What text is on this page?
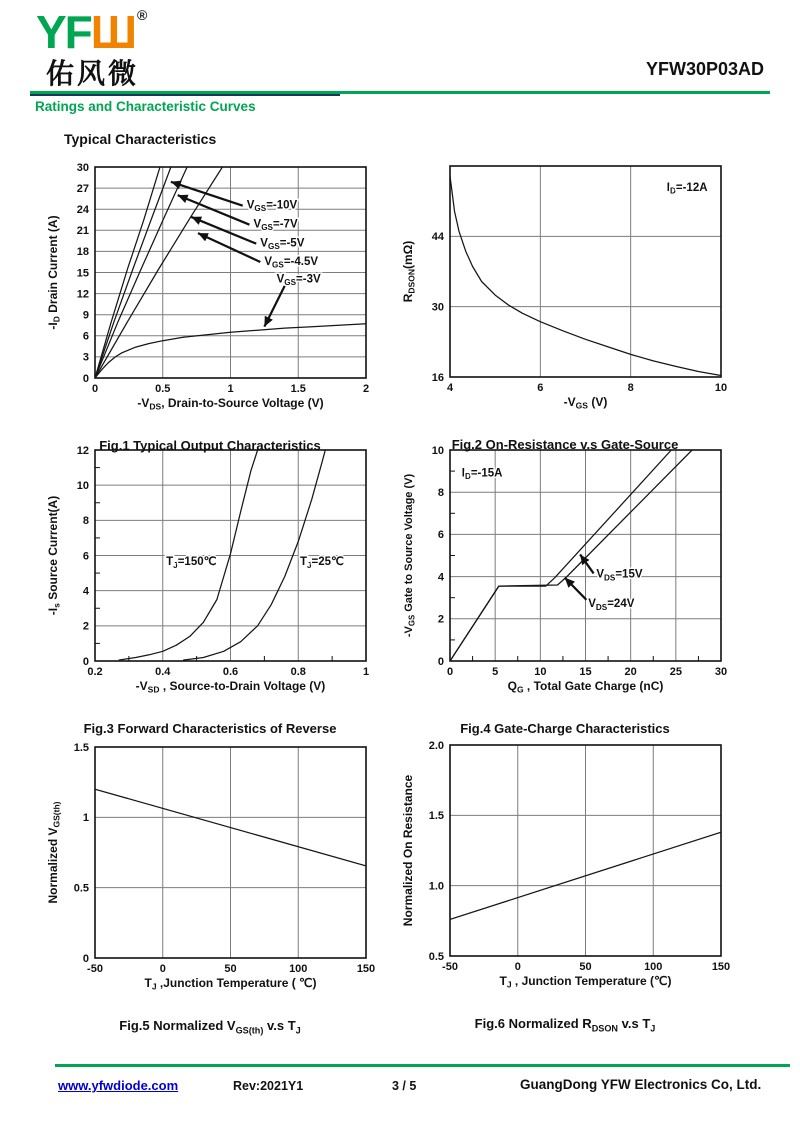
YFШ ®
佑风微	YFW30P03AD
Ratings and Characteristic Curves
Typical Characteristics
0	0.5	1	1.5	2
0
3
6
9
12
15
18
21
24
27
30
$V_{GS}=-10V$
$V_{GS}=-7V$
$V_{GS}=-5V$
$V_{GS}=-4.5V$
$V_{GS}=-3V$
$-V_{DS}$, Drain-to-Source Voltage (V)
$-I_D$ Drain Current (A)
Fig.1 Typical Output Characteristics
4	6	8	10
16
30
44
$I_D=-12A$
$-V_{GS}$ (V)
$R_{DSON}(m\Omega)$
Fig.2 On-Resistance v.s Gate-Source
0.2	0.4	0.6	0.8	1
0
2
4
6
8
10
12
$T_J=150℃$	$T_J=25℃$
$-V_{SD}$ , Source-to-Drain Voltage (V)
$-I_s$ Source Current(A)
Fig.3 Forward Characteristics of Reverse
0	5	10	15	20	25	30
0
2
4
6
8
10
$I_D=-15A$
$V_{DS}=15V$
$V_{DS}=24V$
$Q_G$ , Total Gate Charge (nC)
$-V_{GS}$ Gate to Source Voltage (V)
Fig.4 Gate-Charge Characteristics
-50	0	50	100	150
0
0.5
1
1.5
$T_J$ ,Junction Temperature ( ℃)
Normalized $V_{GS(th)}$
Fig.5 Normalized $V_{GS(th)}$ v.s $T_J$
-50	0	50	100	150
0.5
1.0
1.5
2.0
$T_J$ , Junction Temperature (℃)
Normalized On Resistance
Fig.6 Normalized $R_{DSON}$ v.s $T_J$
www.yfwdiode.com	Rev:2021Y1	3 / 5	GuangDong YFW Electronics Co, Ltd.
